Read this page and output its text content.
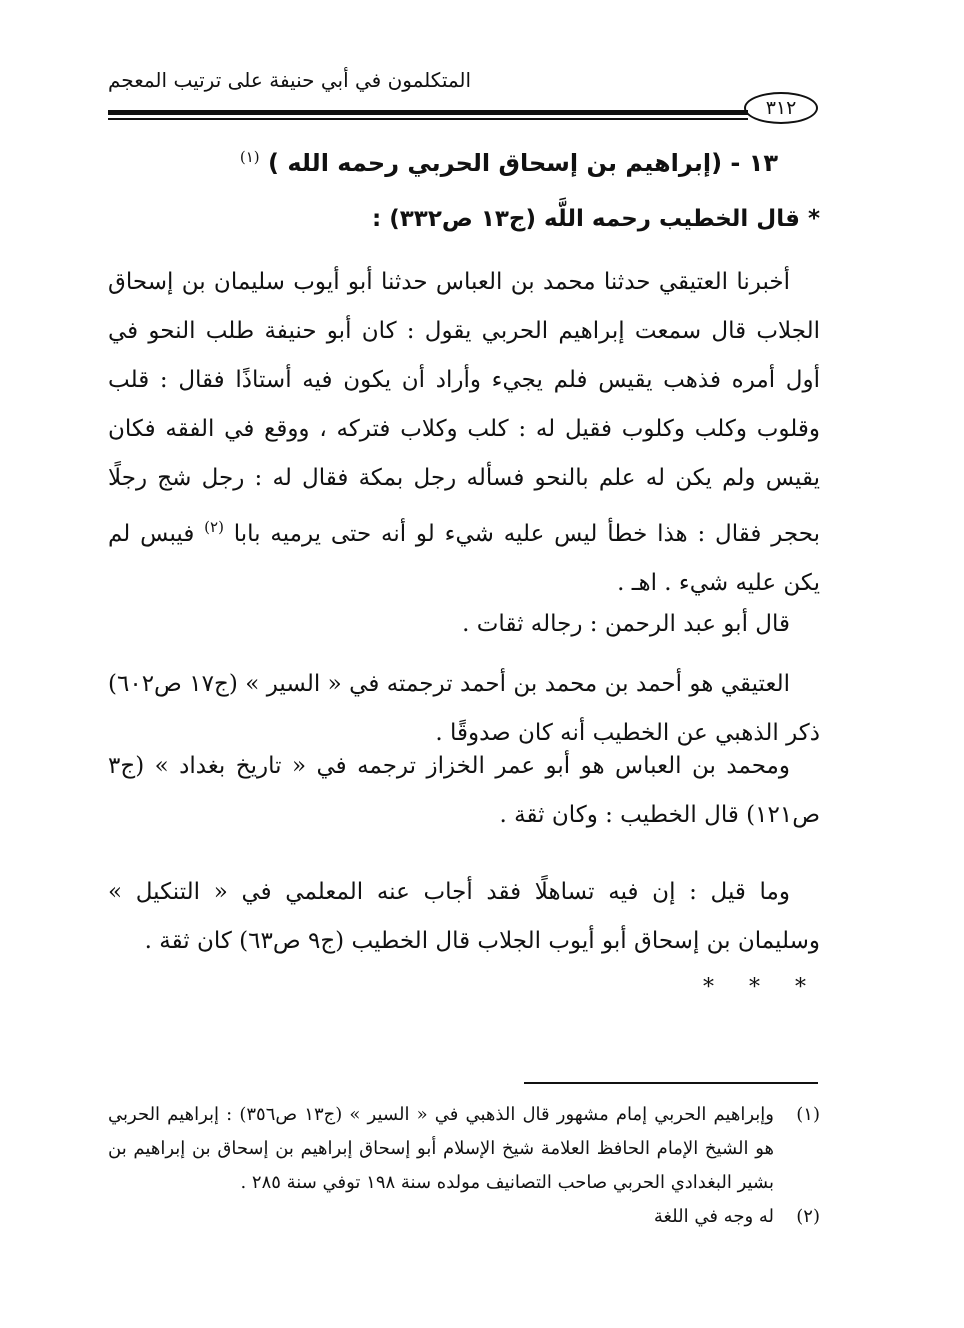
المتكلمون في أبي حنيفة على ترتيب المعجم
٣١٢
١٣ - (إبراهيم بن إسحاق الحربي رحمه الله ) $^{(١)}$
* قال الخطيب رحمه اللَّه (ج١٣ ص٣٣٢) :

أخبرنا العتيقي حدثنا محمد بن العباس حدثنا أبو أيوب سليمان بن إسحاق الجلاب قال سمعت إبراهيم الحربي يقول : كان أبو حنيفة طلب النحو في أول أمره فذهب يقيس فلم يجيء وأراد أن يكون فيه أستاذًا فقال : قلب وقلوب وكلب وكلوب فقيل له : كلب وكلاب فتركه ، ووقع في الفقه فكان يقيس ولم يكن له علم بالنحو فسأله رجل بمكة فقال له : رجل شج رجلًا بحجر فقال : هذا خطأ ليس عليه شيء لو أنه حتى يرميه بابا $^{(٢)}$ فيبس لم يكن عليه شيء . اهـ .

قال أبو عبد الرحمن : رجاله ثقات .

العتيقي هو أحمد بن محمد بن أحمد ترجمته في « السير » (ج١٧ ص٦٠٢) ذكر الذهبي عن الخطيب أنه كان صدوقًا .

ومحمد بن العباس هو أبو عمر الخزاز ترجمه في « تاريخ بغداد » (ج٣ ص١٢١) قال الخطيب : وكان ثقة .

وما قيل : إن فيه تساهلًا فقد أجاب عنه المعلمي في « التنكيل » وسليمان بن إسحاق أبو أيوب الجلاب قال الخطيب (ج٩ ص٦٣) كان ثقة .

* * *

(١)وإبراهيم الحربي إمام مشهور قال الذهبي في « السير » (ج١٣ ص٣٥٦) : إبراهيم الحربي هو الشيخ الإمام الحافظ العلامة شيخ الإسلام أبو إسحاق إبراهيم بن إسحاق بن إبراهيم بن بشير البغدادي الحربي صاحب التصانيف مولده سنة ١٩٨ توفي سنة ٢٨٥ .

(٢)له وجه في اللغة
